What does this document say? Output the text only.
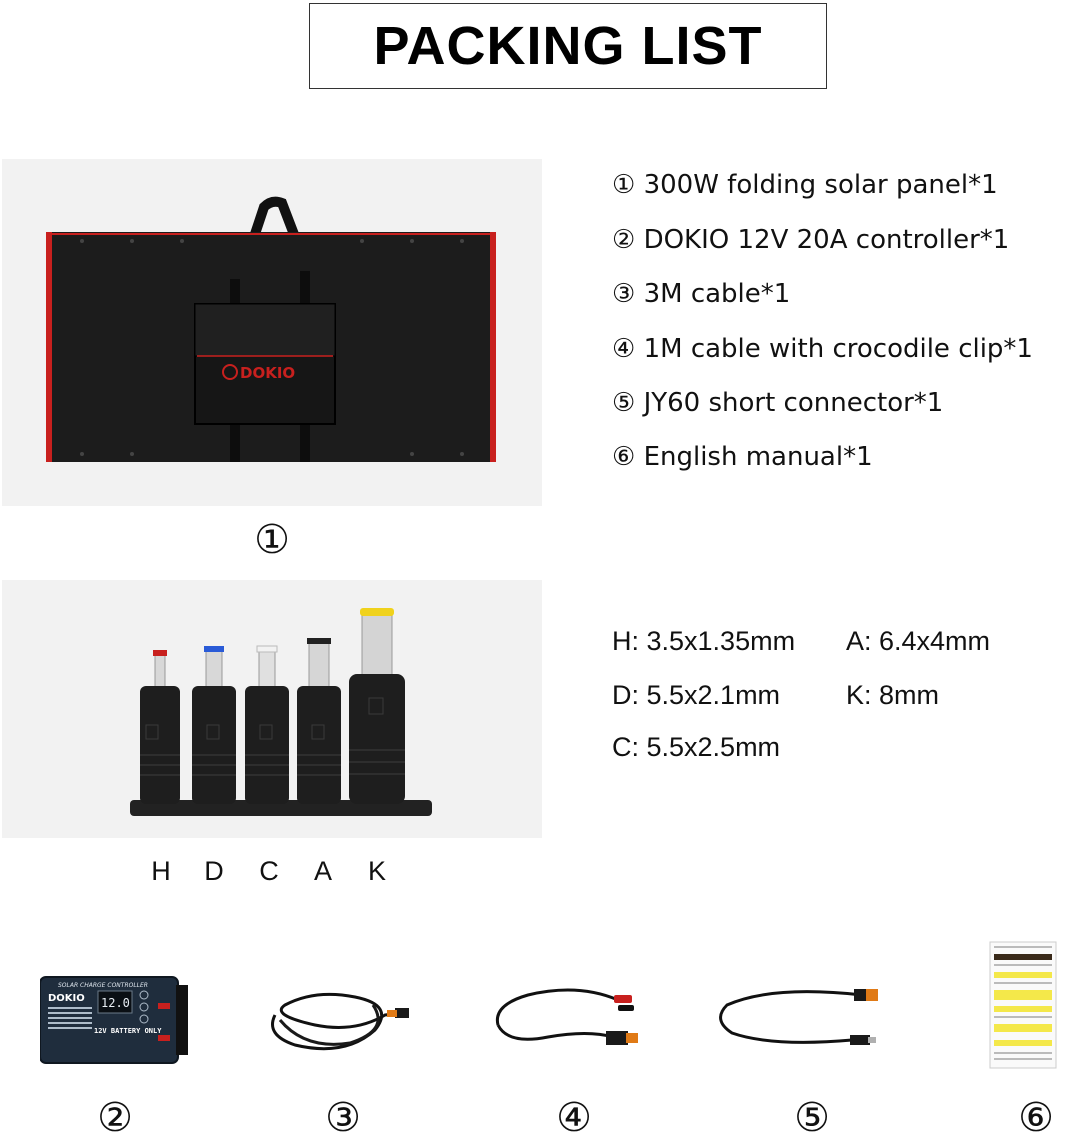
PACKING LIST
DOKIO
① 300W folding solar panel*1
② DOKIO 12V 20A controller*1
③ 3M cable*1
④ 1M cable with crocodile clip*1
⑤ JY60 short connector*1
⑥ English manual*1
①
H: 3.5x1.35mm A: 6.4x4mm
D: 5.5x2.1mm K: 8mm
C: 5.5x2.5mm
H D C A K
SOLAR CHARGE CONTROLLER
DOKIO 12.0
12V BATTERY ONLY
②	③	④	⑤	⑥
